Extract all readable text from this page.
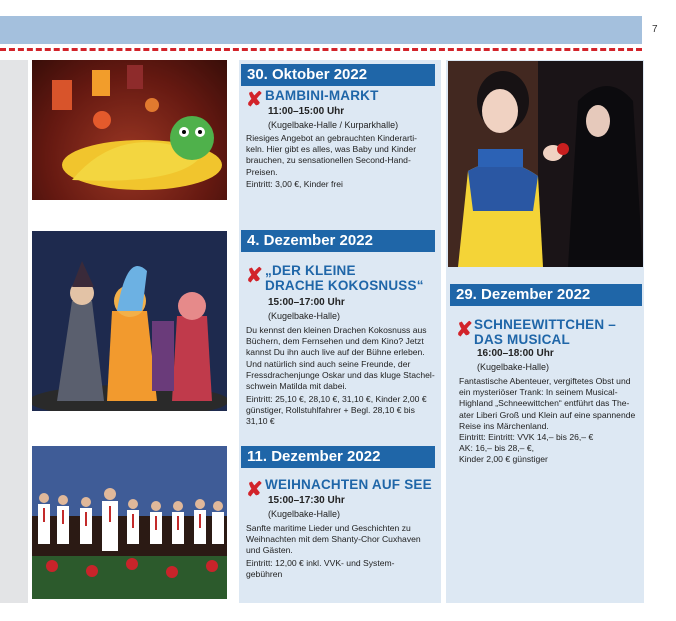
7
30. Oktober 2022
✘ BAMBINI-MARKT
11:00–15:00 Uhr
(Kugelbake-Halle / Kurparkhalle)
Riesiges Angebot an gebrauchten Kinderarti-
keln. Hier gibt es alles, was Baby und Kinder
brauchen, zu sensationellen Second-Hand-
Preisen.
Eintritt: 3,00 €, Kinder frei
4. Dezember 2022
✘ „DER KLEINE
DRACHE KOKOSNUSS“
15:00–17:00 Uhr
(Kugelbake-Halle)
Du kennst den kleinen Drachen Kokosnuss aus
Büchern, dem Fernsehen und dem Kino? Jetzt
kannst Du ihn auch live auf der Bühne erleben.
Und natürlich sind auch seine Freunde, der
Fressdrachenjunge Oskar und das kluge Stachel-
schwein Matilda mit dabei.
Eintritt: 25,10 €, 28,10 €, 31,10 €, Kinder 2,00 €
günstiger, Rollstuhlfahrer + Begl. 28,10 € bis
31,10 €
11. Dezember 2022
✘ WEIHNACHTEN AUF SEE
15:00–17:30 Uhr
(Kugelbake-Halle)
Sanfte maritime Lieder und Geschichten zu
Weihnachten mit dem Shanty-Chor Cuxhaven
und Gästen.
Eintritt: 12,00 € inkl. VVK- und System-
gebühren
29. Dezember 2022
✘ SCHNEEWITTCHEN –
DAS MUSICAL
16:00–18:00 Uhr
(Kugelbake-Halle)
Fantastische Abenteuer, vergiftetes Obst und
ein mysteriöser Trank: In seinem Musical-
Highland „Schneewittchen“ entführt das The-
ater Liberi Groß und Klein auf eine spannende
Reise ins Märchenland.
Eintritt: Eintritt: VVK 14,– bis 26,– €
AK: 16,– bis 28,– €,
Kinder 2,00 € günstiger
